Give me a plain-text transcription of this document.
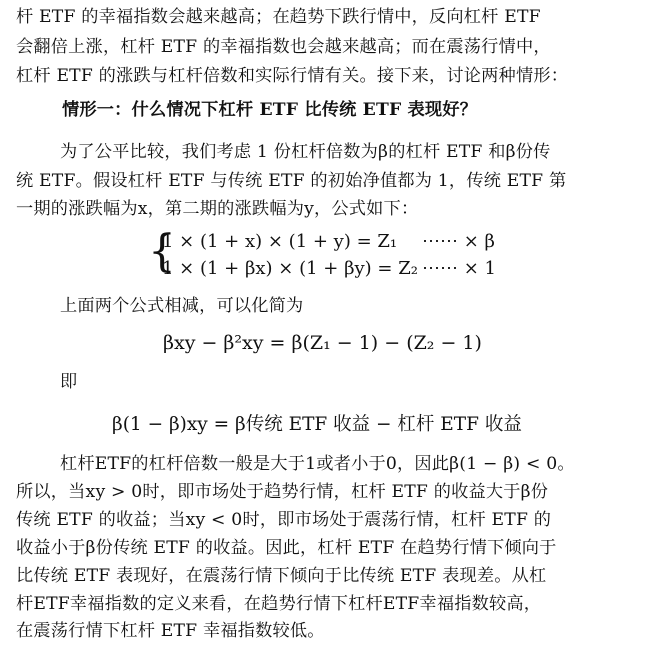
杆 ETF 的幸福指数会越来越高；在趋势下跌行情中，反向杠杆 ETF
会翻倍上涨，杠杆 ETF 的幸福指数也会越来越高；而在震荡行情中，
杠杆 ETF 的涨跌与杠杆倍数和实际行情有关。接下来，讨论两种情形：
情形一：什么情况下杠杆 ETF 比传统 ETF 表现好？
为了公平比较，我们考虑 1 份杠杆倍数为β的杠杆 ETF 和β份传
统 ETF。假设杠杆 ETF 与传统 ETF 的初始净值都为 1，传统 ETF 第
一期的涨跌幅为x，第二期的涨跌幅为y，公式如下：
{
1 × (1 + x) × (1 + y) = Z₁ ⋯⋯ × β
1 × (1 + βx) × (1 + βy) = Z₂ ⋯⋯ × 1
上面两个公式相减，可以化简为
βxy − β²xy = β(Z₁ − 1) − (Z₂ − 1)
即
β(1 − β)xy = β传统 ETF 收益 − 杠杆 ETF 收益
杠杆ETF的杠杆倍数一般是大于1或者小于0，因此β(1 − β) < 0。
所以，当xy > 0时，即市场处于趋势行情，杠杆 ETF 的收益大于β份
传统 ETF 的收益；当xy < 0时，即市场处于震荡行情，杠杆 ETF 的
收益小于β份传统 ETF 的收益。因此，杠杆 ETF 在趋势行情下倾向于
比传统 ETF 表现好，在震荡行情下倾向于比传统 ETF 表现差。从杠
杆ETF幸福指数的定义来看，在趋势行情下杠杆ETF幸福指数较高，
在震荡行情下杠杆 ETF 幸福指数较低。
